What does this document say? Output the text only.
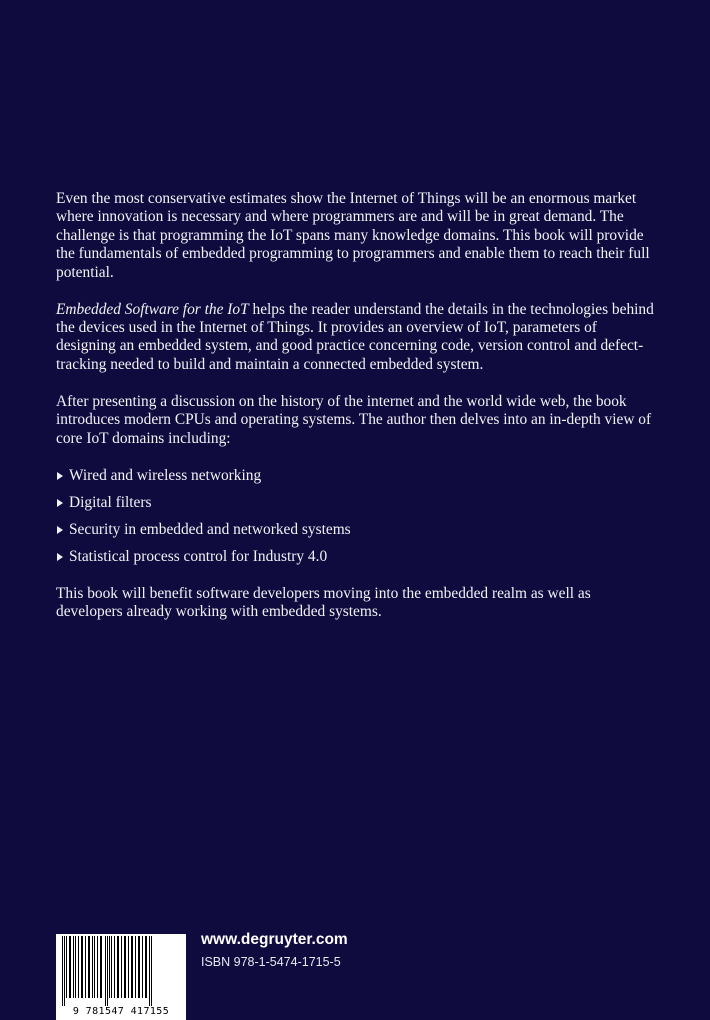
Even the most conservative estimates show the Internet of Things will be an enormous market where innovation is necessary and where programmers are and will be in great demand. The challenge is that programming the IoT spans many knowledge domains. This book will provide the fundamentals of embedded programming to programmers and enable them to reach their full potential.

Embedded Software for the IoT helps the reader understand the details in the technologies behind the devices used in the Internet of Things. It provides an overview of IoT, parameters of designing an embedded system, and good practice concerning code, version control and defect-tracking needed to build and maintain a connected embedded system.

After presenting a discussion on the history of the internet and the world wide web, the book introduces modern CPUs and operating systems. The author then delves into an in-depth view of core IoT domains including:

Wired and wireless networking
Digital filters
Security in embedded and networked systems
Statistical process control for Industry 4.0

This book will benefit software developers moving into the embedded realm as well as developers already working with embedded systems.

9 781547 417155
www.degruyter.com
ISBN 978-1-5474-1715-5
